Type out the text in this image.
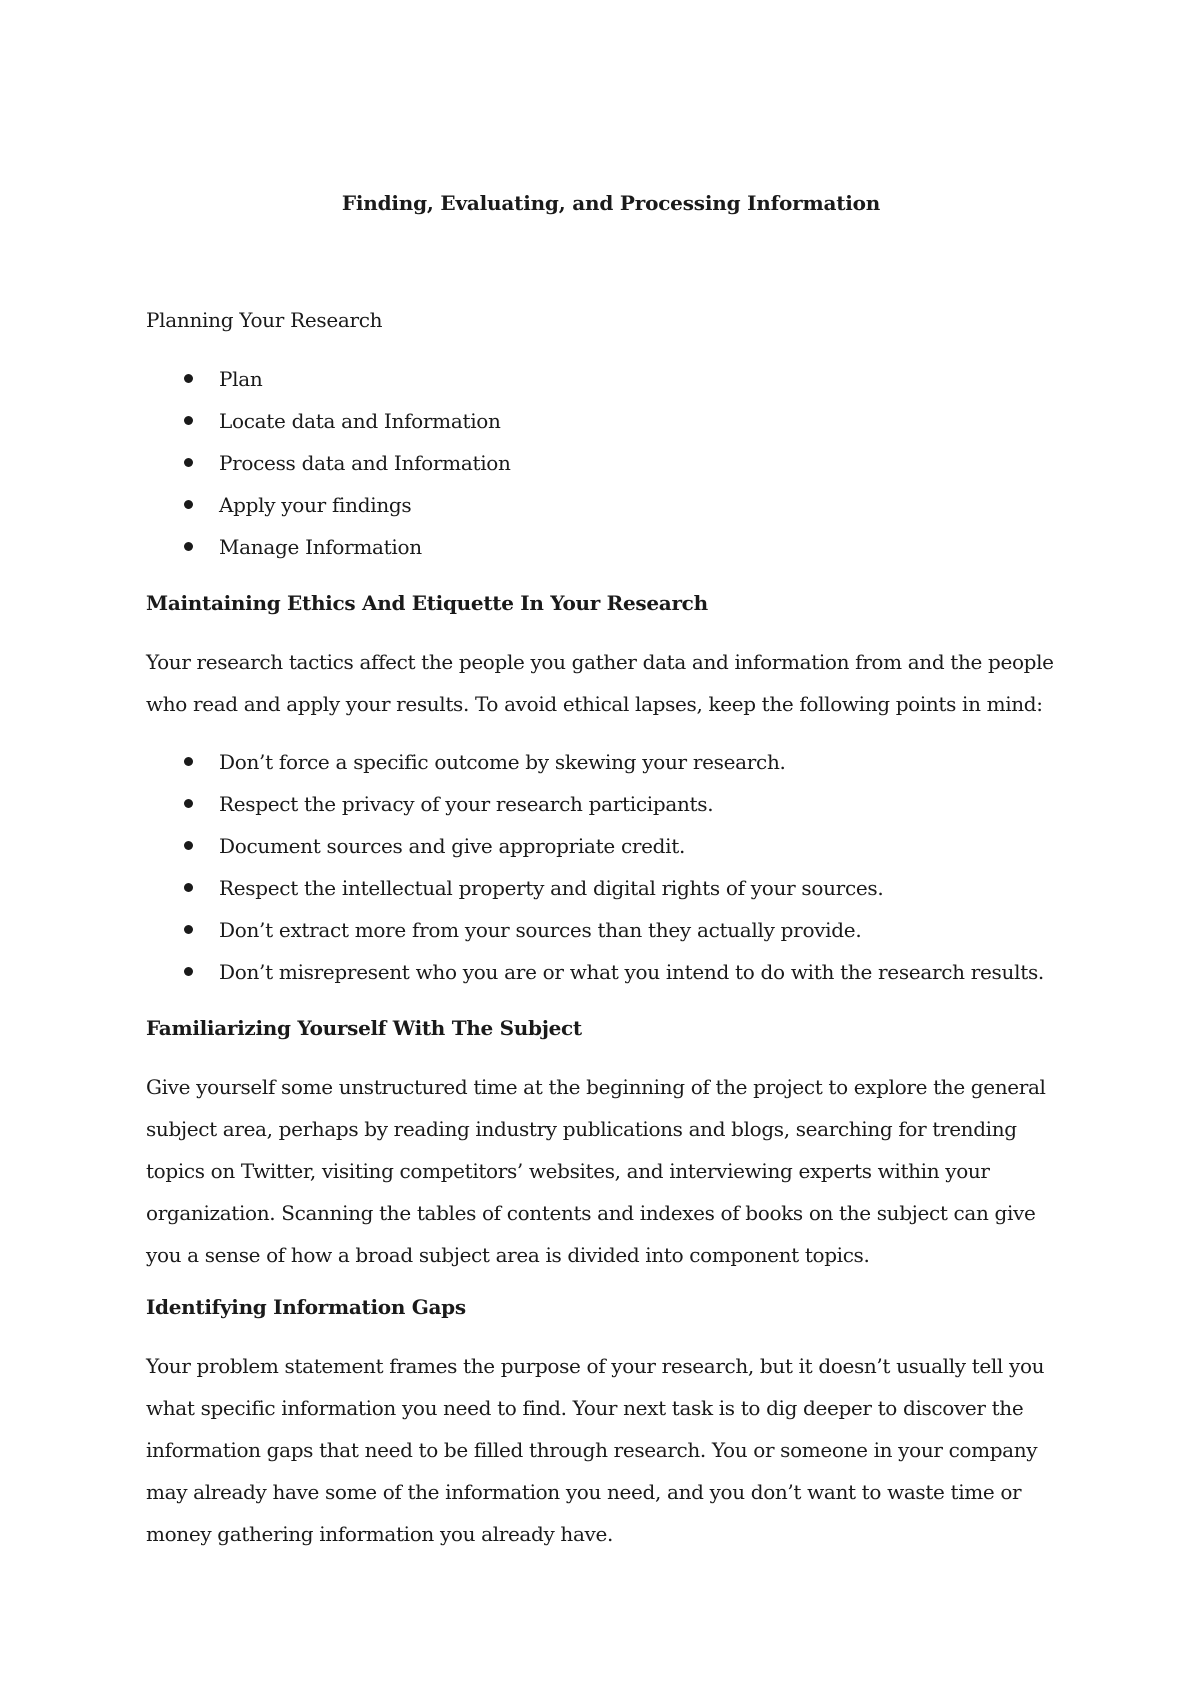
Finding, Evaluating, and Processing Information

Planning Your Research

Plan
Locate data and Information
Process data and Information
Apply your findings
Manage Information
Maintaining Ethics And Etiquette In Your Research

Your research tactics affect the people you gather data and information from and the people who read and apply your results. To avoid ethical lapses, keep the following points in mind:

Don’t force a specific outcome by skewing your research.
Respect the privacy of your research participants.
Document sources and give appropriate credit.
Respect the intellectual property and digital rights of your sources.
Don’t extract more from your sources than they actually provide.
Don’t misrepresent who you are or what you intend to do with the research results.
Familiarizing Yourself With The Subject

Give yourself some unstructured time at the beginning of the project to explore the general subject area, perhaps by reading industry publications and blogs, searching for trending topics on Twitter, visiting competitors’ websites, and interviewing experts within your organization. Scanning the tables of contents and indexes of books on the subject can give you a sense of how a broad subject area is divided into component topics.

Identifying Information Gaps

Your problem statement frames the purpose of your research, but it doesn’t usually tell you what specific information you need to find. Your next task is to dig deeper to discover the information gaps that need to be filled through research. You or someone in your company may already have some of the information you need, and you don’t want to waste time or money gathering information you already have.
